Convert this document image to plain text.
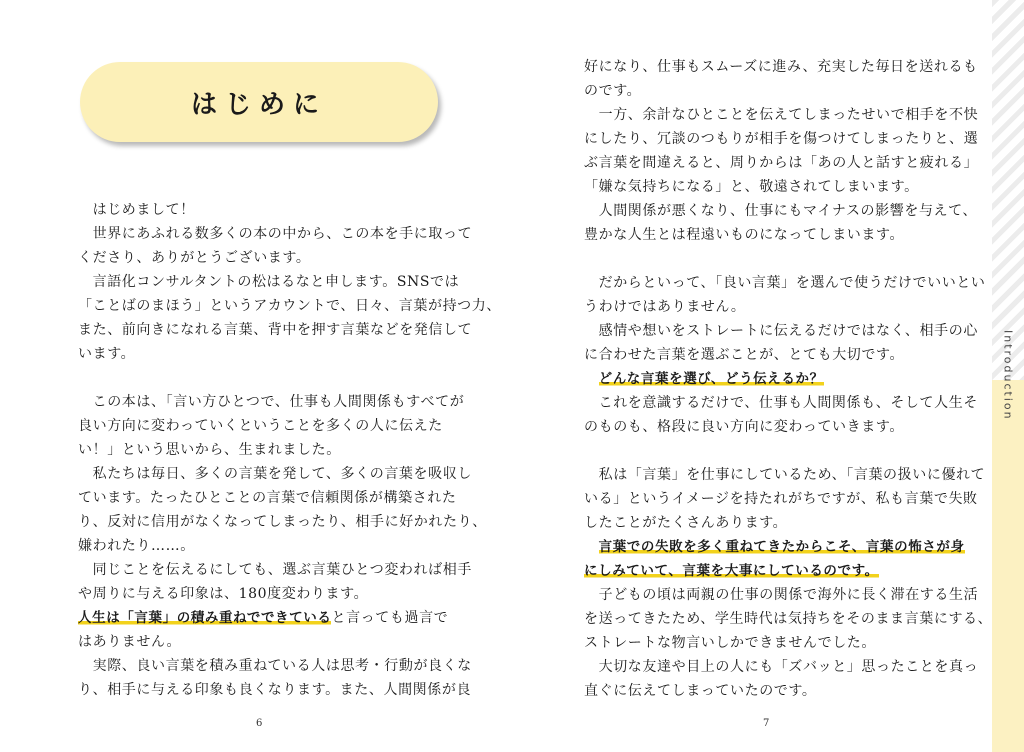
はじめに
　はじめまして！
　世界にあふれる数多くの本の中から、この本を手に取って
くださり、ありがとうございます。
　言語化コンサルタントの松はるなと申します。SNSでは
「ことばのまほう」というアカウントで、日々、言葉が持つ力、
また、前向きになれる言葉、背中を押す言葉などを発信して
います。
　この本は、「言い方ひとつで、仕事も人間関係もすべてが
良い方向に変わっていくということを多くの人に伝えた
い！」という思いから、生まれました。
　私たちは毎日、多くの言葉を発して、多くの言葉を吸収し
ています。たったひとことの言葉で信頼関係が構築された
り、反対に信用がなくなってしまったり、相手に好かれたり、
嫌われたり……。
　同じことを伝えるにしても、選ぶ言葉ひとつ変われば相手
や周りに与える印象は、180度変わります。
人生は「言葉」の積み重ねでできていると言っても過言で
はありません。
　実際、良い言葉を積み重ねている人は思考・行動が良くな
り、相手に与える印象も良くなります。また、人間関係が良
6
好になり、仕事もスムーズに進み、充実した毎日を送れるも
のです。
　一方、余計なひとことを伝えてしまったせいで相手を不快
にしたり、冗談のつもりが相手を傷つけてしまったりと、選
ぶ言葉を間違えると、周りからは「あの人と話すと疲れる」
「嫌な気持ちになる」と、敬遠されてしまいます。
　人間関係が悪くなり、仕事にもマイナスの影響を与えて、
豊かな人生とは程遠いものになってしまいます。
　だからといって、「良い言葉」を選んで使うだけでいいとい
うわけではありません。
　感情や想いをストレートに伝えるだけではなく、相手の心
に合わせた言葉を選ぶことが、とても大切です。
　どんな言葉を選び、どう伝えるか？
　これを意識するだけで、仕事も人間関係も、そして人生そ
のものも、格段に良い方向に変わっていきます。
　私は「言葉」を仕事にしているため、「言葉の扱いに優れて
いる」というイメージを持たれがちですが、私も言葉で失敗
したことがたくさんあります。
　言葉での失敗を多く重ねてきたからこそ、言葉の怖さが身
にしみていて、言葉を大事にしているのです。
　子どもの頃は両親の仕事の関係で海外に長く滞在する生活
を送ってきたため、学生時代は気持ちをそのまま言葉にする、
ストレートな物言いしかできませんでした。
　大切な友達や目上の人にも「ズバッと」思ったことを真っ
直ぐに伝えてしまっていたのです。
7
Introduction
